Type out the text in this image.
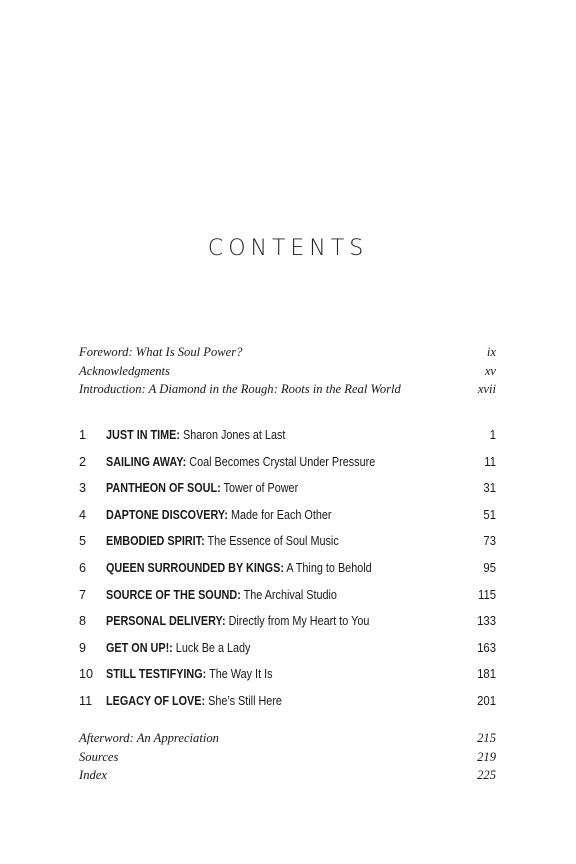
CONTENTS
Foreword: What Is Soul Power?	ix
Acknowledgments	xv
Introduction: A Diamond in the Rough: Roots in the Real World	xvii
1	JUST IN TIME: Sharon Jones at Last	1
2	SAILING AWAY: Coal Becomes Crystal Under Pressure	11
3	PANTHEON OF SOUL: Tower of Power	31
4	DAPTONE DISCOVERY: Made for Each Other	51
5	EMBODIED SPIRIT: The Essence of Soul Music	73
6	QUEEN SURROUNDED BY KINGS: A Thing to Behold	95
7	SOURCE OF THE SOUND: The Archival Studio	115
8	PERSONAL DELIVERY: Directly from My Heart to You	133
9	GET ON UP!: Luck Be a Lady	163
10	STILL TESTIFYING: The Way It Is	181
11	LEGACY OF LOVE: She’s Still Here	201
Afterword: An Appreciation	215
Sources	219
Index	225
